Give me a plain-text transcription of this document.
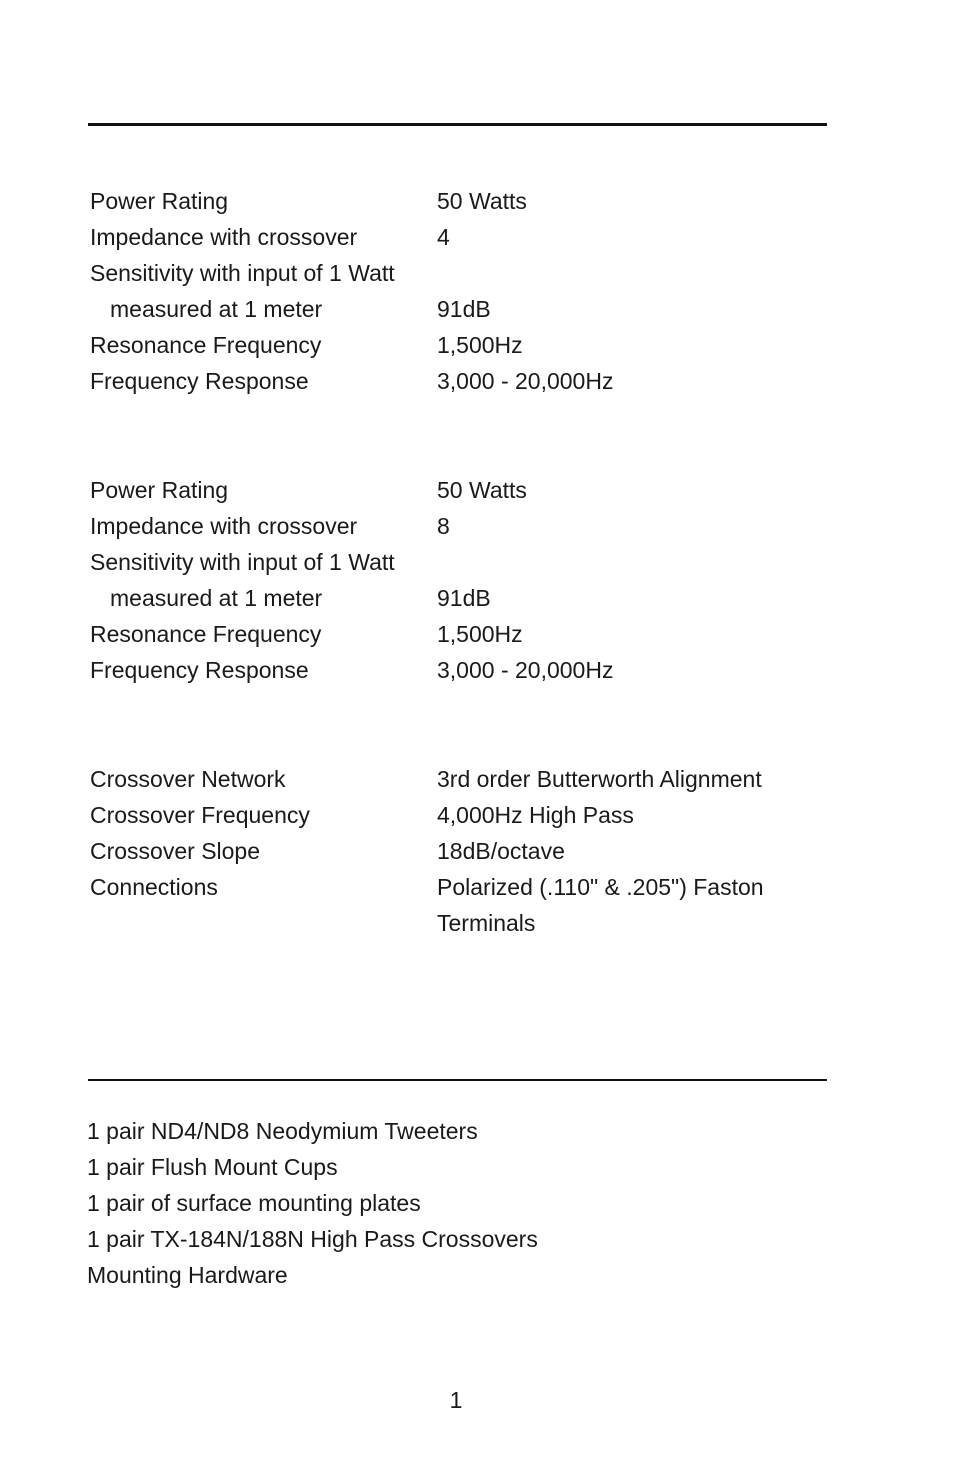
Power Rating	50 Watts
Impedance with crossover	4
Sensitivity with input of 1 Watt
measured at 1 meter	91dB
Resonance Frequency	1,500Hz
Frequency Response	3,000 - 20,000Hz
Power Rating	50 Watts
Impedance with crossover	8
Sensitivity with input of 1 Watt
measured at 1 meter	91dB
Resonance Frequency	1,500Hz
Frequency Response	3,000 - 20,000Hz
Crossover Network	3rd order Butterworth Alignment
Crossover Frequency	4,000Hz High Pass
Crossover Slope	18dB/octave
Connections	Polarized (.110" & .205") Faston
Terminals
1 pair ND4/ND8 Neodymium Tweeters
1 pair Flush Mount Cups
1 pair of surface mounting plates
1 pair TX-184N/188N High Pass Crossovers
Mounting Hardware
1
